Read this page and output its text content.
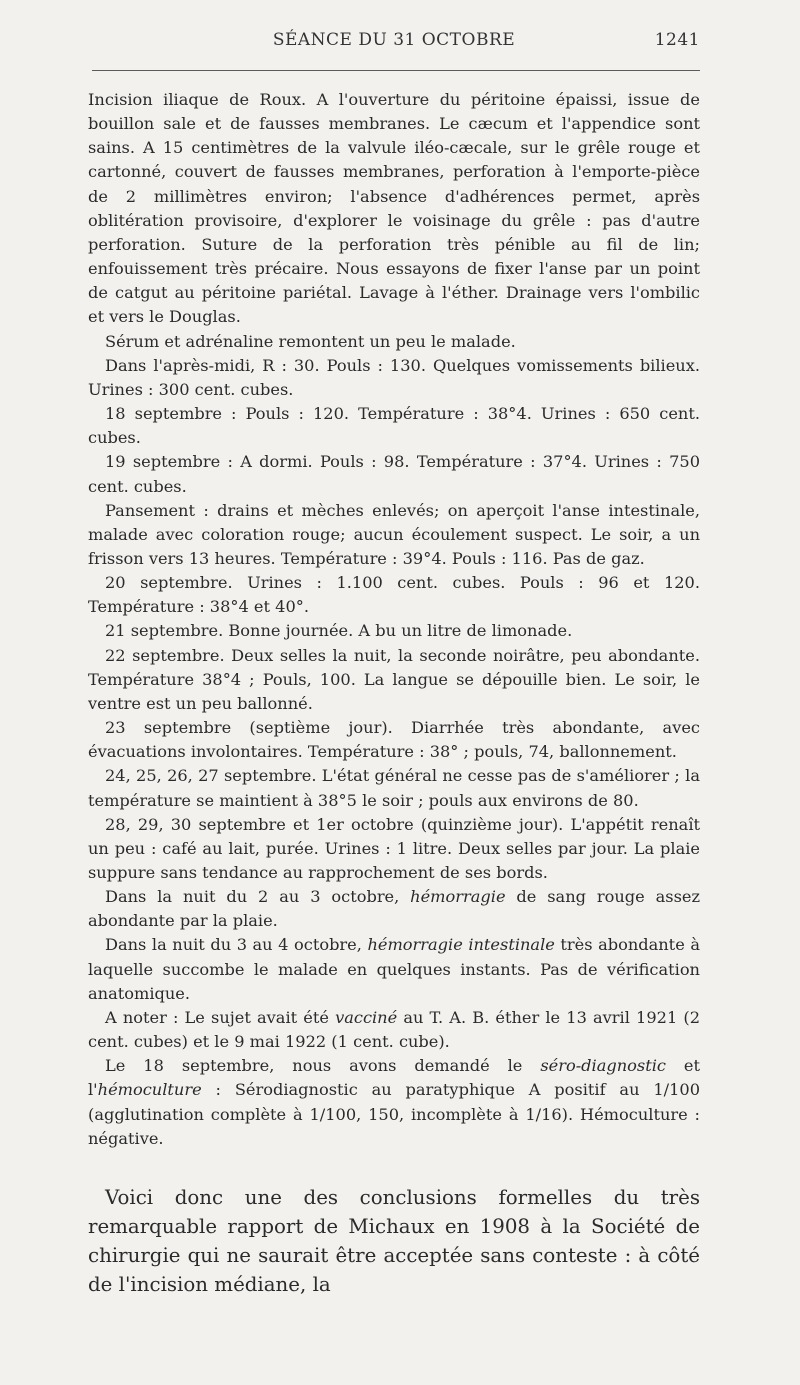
SÉANCE DU 31 OCTOBRE	1241

Incision iliaque de Roux. A l'ouverture du péritoine épaissi, issue de bouillon sale et de fausses membranes. Le cæcum et l'appendice sont sains. A 15 centimètres de la valvule iléo-cæcale, sur le grêle rouge et cartonné, couvert de fausses membranes, perforation à l'emporte-pièce de 2 millimètres environ; l'absence d'adhérences permet, après oblitération provisoire, d'explorer le voisinage du grêle : pas d'autre perforation. Suture de la perforation très pénible au fil de lin; enfouissement très précaire. Nous essayons de fixer l'anse par un point de catgut au péritoine pariétal. Lavage à l'éther. Drainage vers l'ombilic et vers le Douglas.

Sérum et adrénaline remontent un peu le malade.

Dans l'après-midi, R : 30. Pouls : 130. Quelques vomissements bilieux. Urines : 300 cent. cubes.

18 septembre : Pouls : 120. Température : 38°4. Urines : 650 cent. cubes.

19 septembre : A dormi. Pouls : 98. Température : 37°4. Urines : 750 cent. cubes.

Pansement : drains et mèches enlevés; on aperçoit l'anse intestinale, malade avec coloration rouge; aucun écoulement suspect. Le soir, a un frisson vers 13 heures. Température : 39°4. Pouls : 116. Pas de gaz.

20 septembre. Urines : 1.100 cent. cubes. Pouls : 96 et 120. Température : 38°4 et 40°.

21 septembre. Bonne journée. A bu un litre de limonade.

22 septembre. Deux selles la nuit, la seconde noirâtre, peu abondante. Température 38°4 ; Pouls, 100. La langue se dépouille bien. Le soir, le ventre est un peu ballonné.

23 septembre (septième jour). Diarrhée très abondante, avec évacuations involontaires. Température : 38° ; pouls, 74, ballonnement.

24, 25, 26, 27 septembre. L'état général ne cesse pas de s'améliorer ; la température se maintient à 38°5 le soir ; pouls aux environs de 80.

28, 29, 30 septembre et 1er octobre (quinzième jour). L'appétit renaît un peu : café au lait, purée. Urines : 1 litre. Deux selles par jour. La plaie suppure sans tendance au rapprochement de ses bords.

Dans la nuit du 2 au 3 octobre, hémorragie de sang rouge assez abondante par la plaie.

Dans la nuit du 3 au 4 octobre, hémorragie intestinale très abondante à laquelle succombe le malade en quelques instants. Pas de vérification anatomique.

A noter : Le sujet avait été vacciné au T. A. B. éther le 13 avril 1921 (2 cent. cubes) et le 9 mai 1922 (1 cent. cube).

Le 18 septembre, nous avons demandé le séro-diagnostic et l'hémoculture : Sérodiagnostic au paratyphique A positif au 1/100 (agglutination complète à 1/100, 150, incomplète à 1/16). Hémoculture : négative.

Voici donc une des conclusions formelles du très remarquable rapport de Michaux en 1908 à la Société de chirurgie qui ne saurait être acceptée sans conteste : à côté de l'incision médiane, la
